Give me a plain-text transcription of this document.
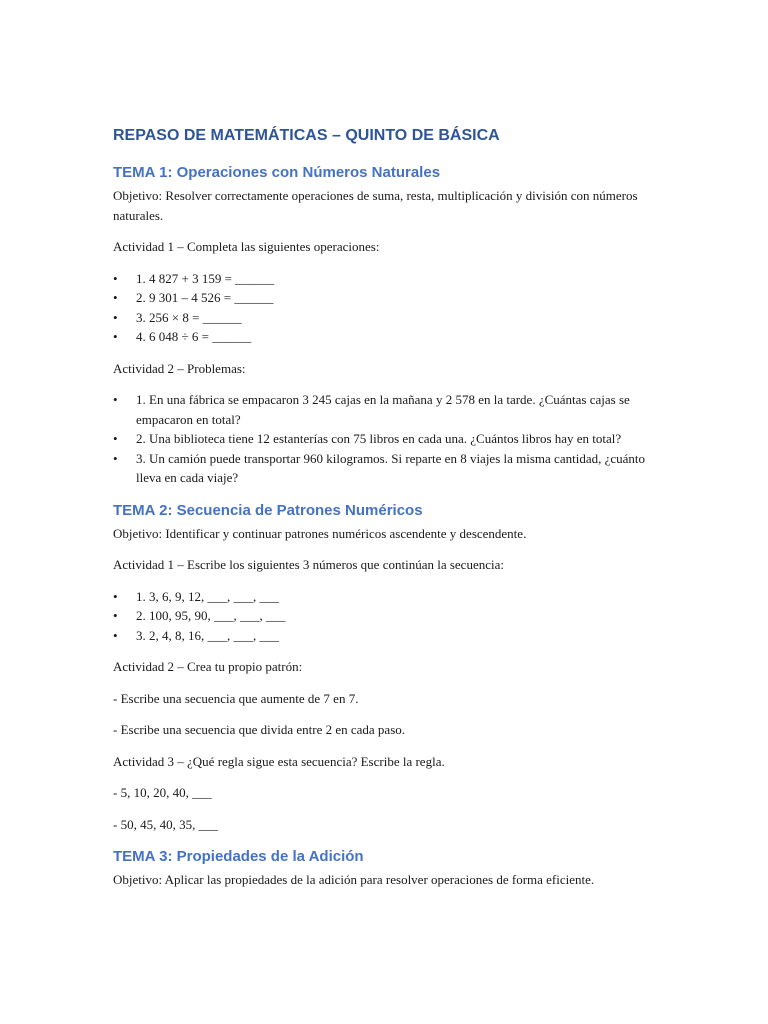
REPASO DE MATEMÁTICAS – QUINTO DE BÁSICA
TEMA 1: Operaciones con Números Naturales

Objetivo: Resolver correctamente operaciones de suma, resta, multiplicación y división con números naturales.

Actividad 1 – Completa las siguientes operaciones:

• 1. 4 827 + 3 159 = ______
• 2. 9 301 – 4 526 = ______
• 3. 256 × 8 = ______
• 4. 6 048 ÷ 6 = ______

Actividad 2 – Problemas:

• 1. En una fábrica se empacaron 3 245 cajas en la mañana y 2 578 en la tarde. ¿Cuántas cajas se empacaron en total?
• 2. Una biblioteca tiene 12 estanterías con 75 libros en cada una. ¿Cuántos libros hay en total?
• 3. Un camión puede transportar 960 kilogramos. Si reparte en 8 viajes la misma cantidad, ¿cuánto lleva en cada viaje?
TEMA 2: Secuencia de Patrones Numéricos

Objetivo: Identificar y continuar patrones numéricos ascendente y descendente.

Actividad 1 – Escribe los siguientes 3 números que continúan la secuencia:

• 1. 3, 6, 9, 12, ___, ___, ___
• 2. 100, 95, 90, ___, ___, ___
• 3. 2, 4, 8, 16, ___, ___, ___

Actividad 2 – Crea tu propio patrón:

- Escribe una secuencia que aumente de 7 en 7.

- Escribe una secuencia que divida entre 2 en cada paso.

Actividad 3 – ¿Qué regla sigue esta secuencia? Escribe la regla.

- 5, 10, 20, 40, ___

- 50, 45, 40, 35, ___

TEMA 3: Propiedades de la Adición

Objetivo: Aplicar las propiedades de la adición para resolver operaciones de forma eficiente.
